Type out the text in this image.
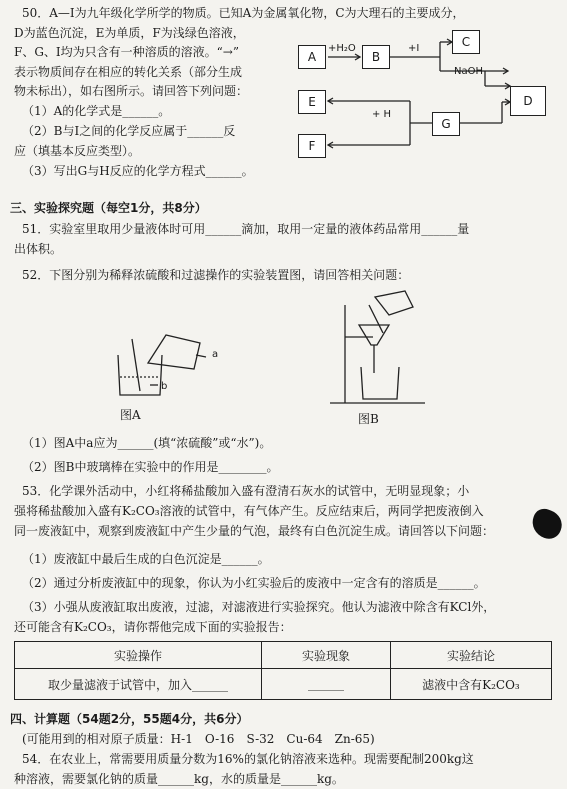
50．A—I为九年级化学所学的物质。已知A为金属氧化物，C为大理石的主要成分，
D为蓝色沉淀，E为单质，F为浅绿色溶液，
F、G、I均为只含有一种溶质的溶液。“→”
表示物质间存在相应的转化关系（部分生成
物未标出），如右图所示。请回答下列问题：
（1）A的化学式是______。
（2）B与I之间的化学反应属于______反
应（填基本反应类型）。
（3）写出G与H反应的化学方程式______。
A	B
C
D
E
F
G
+H₂O	+I
NaOH
+ H
三、实验探究题（每空1分，共8分）
51．实验室里取用少量液体时可用______滴加，取用一定量的液体药品常用______量
出体积。
52．下图分别为稀释浓硫酸和过滤操作的实验装置图，请回答相关问题：
a
b
图A	图B
（1）图A中a应为______(填“浓硫酸”或“水”)。
（2）图B中玻璃棒在实验中的作用是________。
53．化学课外活动中，小红将稀盐酸加入盛有澄清石灰水的试管中，无明显现象；小
强将稀盐酸加入盛有K₂CO₃溶液的试管中，有气体产生。反应结束后，两同学把废液倒入
同一废液缸中，观察到废液缸中产生少量的气泡，最终有白色沉淀生成。请回答以下问题：
（1）废液缸中最后生成的白色沉淀是______。
（2）通过分析废液缸中的现象，你认为小红实验后的废液中一定含有的溶质是______。
（3）小强从废液缸取出废液，过滤，对滤液进行实验探究。他认为滤液中除含有KCl外，
还可能含有K₂CO₃，请你帮他完成下面的实验报告：
实验操作	实验现象	实验结论
取少量滤液于试管中，加入______	______	滤液中含有K₂CO₃
四、计算题（54题2分，55题4分，共6分）
(可能用到的相对原子质量：H-1　O-16　S-32　Cu-64　Zn-65)
54．在农业上，常需要用质量分数为16%的氯化钠溶液来选种。现需要配制200kg这
种溶液，需要氯化钠的质量______kg，水的质量是______kg。
